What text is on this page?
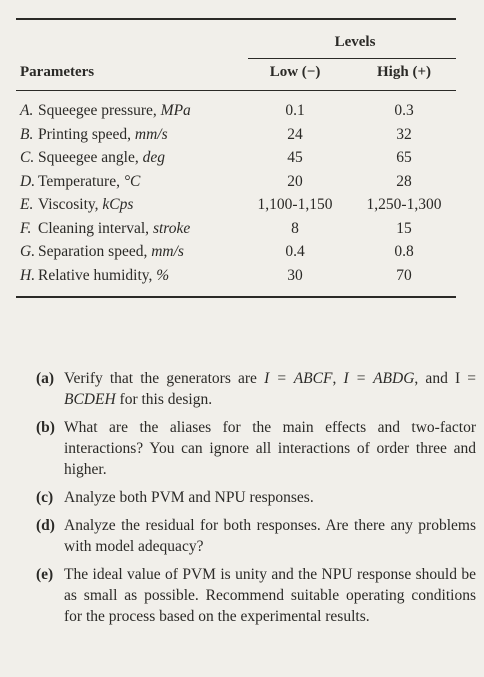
Levels
Parameters	Low (−)	High (+)
A. Squeegee pressure, MPa	0.1	0.3
B. Printing speed, mm/s	24	32
C. Squeegee angle, deg	45	65
D. Temperature, °C	20	28
E. Viscosity, kCps	1,100-1,150	1,250-1,300
F. Cleaning interval, stroke	8	15
G. Separation speed, mm/s	0.4	0.8
H. Relative humidity, %	30	70
(a) Verify that the generators are I = ABCF, I = ABDG, and I = BCDEH for this design.
(b) What are the aliases for the main effects and two-factor interactions? You can ignore all interactions of order three and higher.
(c) Analyze both PVM and NPU responses.
(d) Analyze the residual for both responses. Are there any problems with model adequacy?
(e) The ideal value of PVM is unity and the NPU response should be as small as possible. Recommend suitable operating conditions for the process based on the experimental results.
